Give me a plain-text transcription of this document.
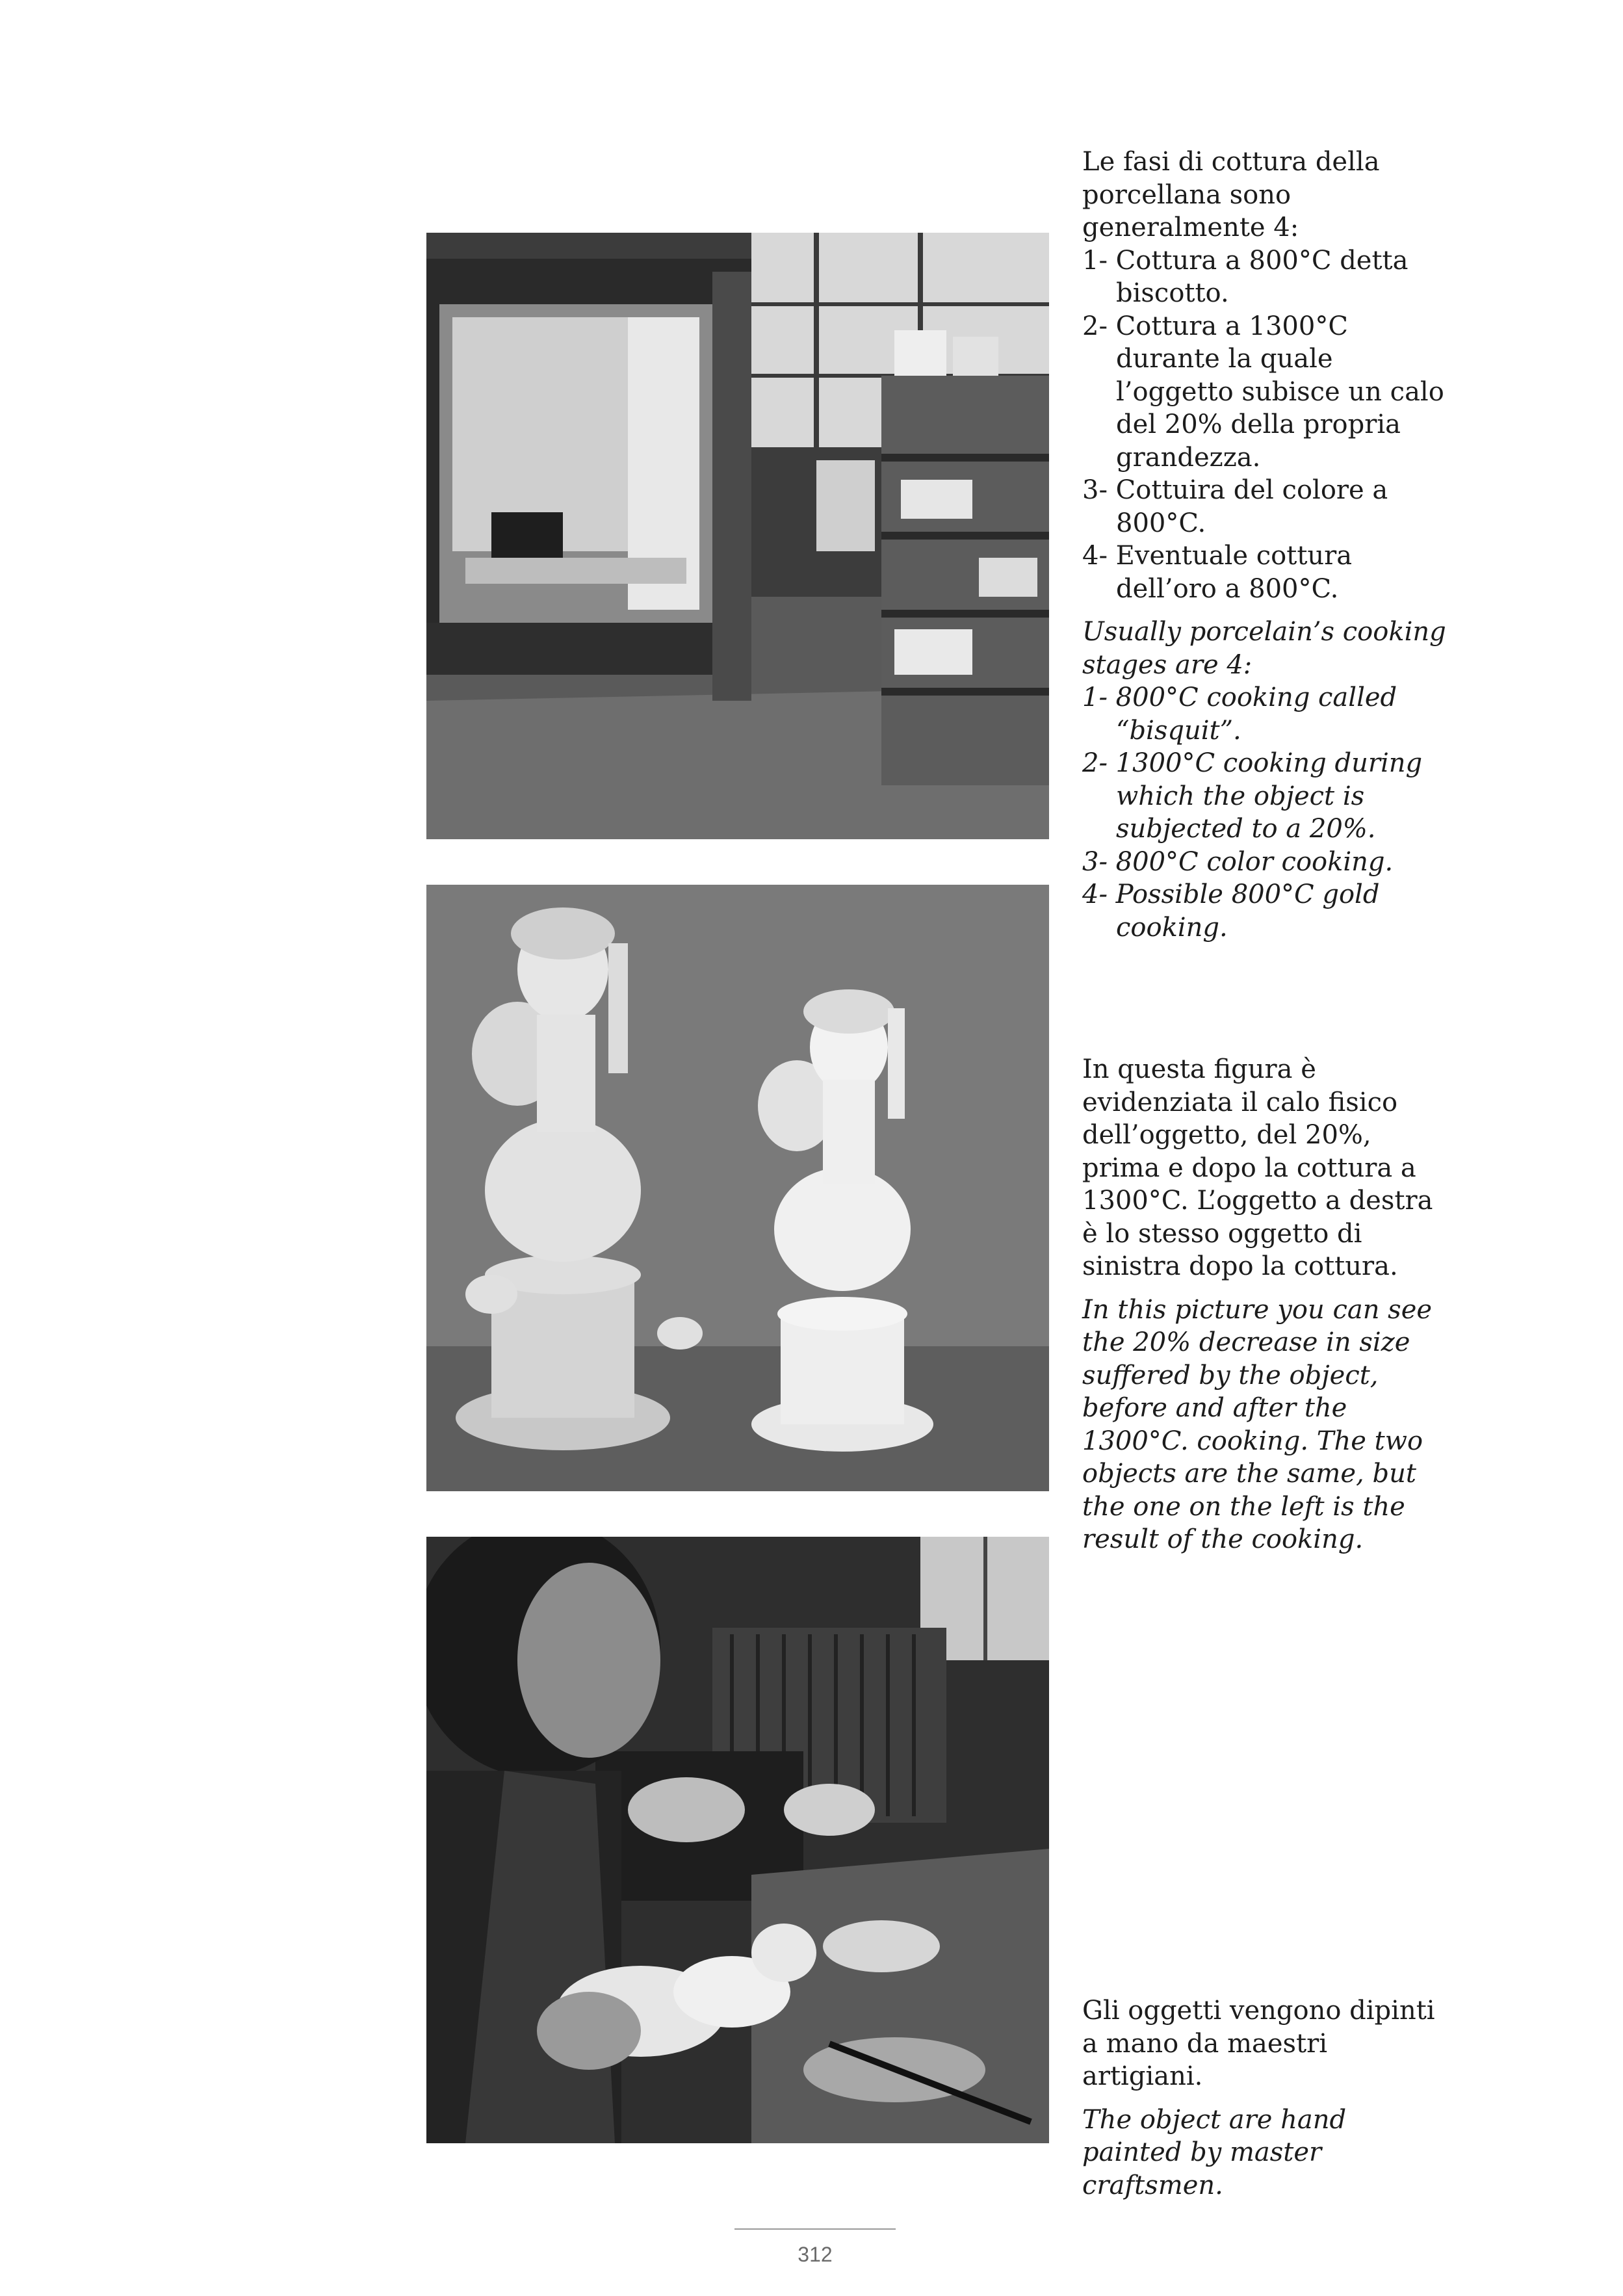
Le fasi di cottura della porcellana sono generalmente 4:

1- Cottura a 800°C detta biscotto.

2- Cottura a 1300°C durante la quale l’oggetto subisce un calo del 20% della propria grandezza.

3- Cottuira del colore a 800°C.

4- Eventuale cottura dell’oro a 800°C.

Usually porcelain’s cooking stages are 4:

1- 800°C cooking called “bisquit”.

2- 1300°C cooking during which the object is subjected to a 20%.

3- 800°C color cooking.

4- Possible 800°C gold cooking.

In questa figura è evidenziata il calo fisico dell’oggetto, del 20%, prima e dopo la cottura a 1300°C. L’oggetto a destra è lo stesso oggetto di sinistra dopo la cottura.

In this picture you can see the 20% decrease in size suffered by the object, before and after the 1300°C. cooking. The two objects are the same, but the one on the left is the result of the cooking.

Gli oggetti vengono dipinti a mano da maestri artigiani.

The object are hand painted by master craftsmen.

312
